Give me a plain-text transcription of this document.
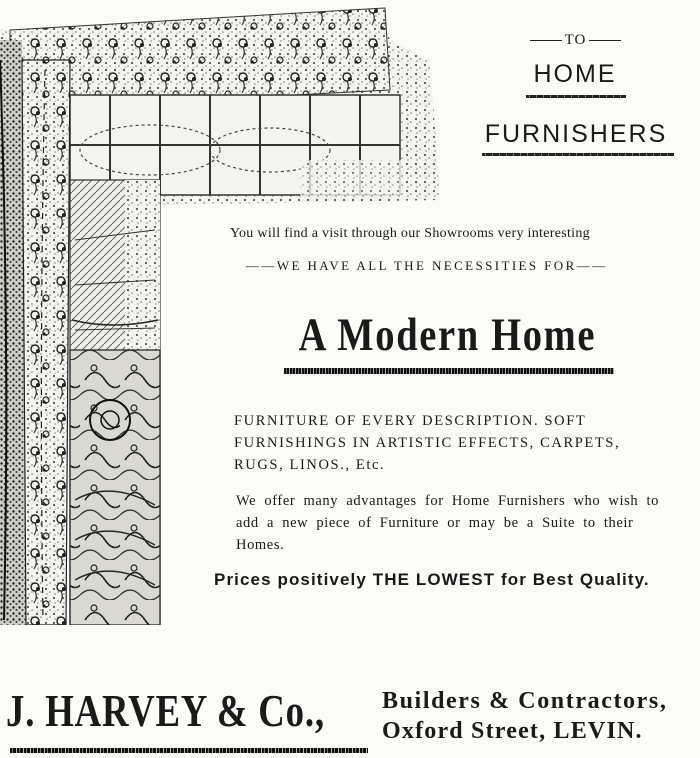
TO
HOME
FURNISHERS
You will find a visit through our Showrooms very interesting
——WE HAVE ALL THE NECESSITIES FOR——
A Modern Home
FURNITURE OF EVERY DESCRIPTION. SOFT FURNISHINGS IN ARTISTIC EFFECTS, CARPETS, RUGS, LINOS., Etc.
We offer many advantages for Home Furnishers who wish to add a new piece of Furniture or may be a Suite to their Homes.
Prices positively THE LOWEST for Best Quality.
J. HARVEY & Co.,	Builders & Contractors,
Oxford Street, LEVIN.
